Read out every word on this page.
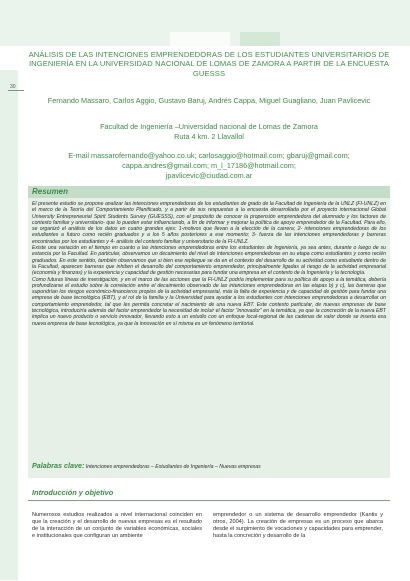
30
ANÁLISIS DE LAS INTENCIONES EMPRENDEDORAS DE LOS ESTUDIANTES UNIVERSITARIOS DE INGENIERÍA EN LA UNIVERSIDAD NACIONAL DE LOMAS DE ZAMORA A PARTIR DE LA ENCUESTA GUESSS
Fernando Massaro, Carlos Aggio, Gustavo Baruj, Andrés Cappa, Miguel Guagliano, Juan Pavlicevic
Facultad de Ingeniería –Universidad nacional de Lomas de Zamora
Ruta 4 km. 2 Llavallol
E-mail massarofernando@yahoo.co.uk; carlosaggio@hotmail.com; gbaruj@gmail.com;
cappa.andres@gmail.com; m_l_17186@hotmail.com;
jpavlicevic@ciudad.com.ar
Resumen

El presente estudio se propone analizar las intenciones emprendedoras de los estudiantes de grado de la Facultad de Ingeniería de la UNLZ (FI-UNLZ) en el marco de la Teoría del Comportamiento Planificado, y a partir de sus respuestas a la encuesta desarrollada por el proyecto internacional Global University Entrepreneurial Spirit Students Survey (GUESSS), con el propósito de conocer la propensión emprendedora del alumnado y los factores de contexto familiar y universitario- que lo pueden estar influenciando, a fin de informar y mejorar la política de apoyo emprendedor de la Facultad. Para ello, se organizó el análisis de los datos en cuatro grandes ejes: 1-motivos que llevan a la elección de la carrera; 2- intenciones emprendedoras de los estudiantes a futuro como recién graduados y a los 5 años posteriores a ese momento; 3- fuerza de las intenciones emprendedoras y barreras encontradas por los estudiantes y 4- análisis del contexto familiar y universitario de la FI-UNLZ.

Existe una variación en el tiempo en cuanto a las intenciones emprendedoras entre los estudiantes de Ingeniería, ya sea antes, durante o luego de su estancia por la Facultad. En particular, observamos un decaimiento del nivel de intenciones emprendedoras en su etapa como estudiantes y como recién graduados. En este sentido, también observamos que si bien ese repliegue se da en el contexto del desarrollo de su actividad como estudiante dentro de la Facultad, aparecen barreras que inhiben el desarrollo del comportamiento emprendedor, principalmente ligadas al riesgo de la actividad empresarial (economía y finanzas) y la experiencia y capacidad de gestión necesarias para fundar una empresa en el contexto de la Ingeniería y la tecnología.

Como futuras líneas de investigación, y en el marco de las acciones que la FI-UNLZ podría implementar para su política de apoyo a la temática, debería profundizarse el estudio sobre la correlación entre el decaimiento observado de las intenciones emprendedoras en las etapas b) y c), las barreras que supondrían los riesgos económico-financieros propios de la actividad empresarial, más la falta de experiencia y de capacidad de gestión para fundar una empresa de base tecnológica (EBT), y el rol de la familia y la Universidad para ayudar a los estudiantes con intenciones emprendedoras a desarrollar un comportamiento emprendedor, tal que les permita concretar el nacimiento de una nueva EBT. Este contexto particular, de nuevas empresas de base tecnológica, introduciría además del factor emprendedor la necesidad de incluir el factor “innovador” en la temática, ya que la concreción de la nueva EBT implica un nuevo producto o servicio innovador, llevando esto a un estudio con un enfoque local-regional de las cadenas de valor donde se inserta esa nueva empresa de base tecnológica, ya que la innovación en sí misma es un fenómeno territorial.

Palabras clave: Intenciones emprendedoras – Estudiantes de Ingeniería – Nuevas empresas
Introducción y objetivo

Numerosos estudios realizados a nivel internacional coinciden en que la creación y el desarrollo de nuevas empresas es el resultado de la interacción de un conjunto de variables económicas, sociales e institucionales que configuran un ambiente

emprendedor o un sistema de desarrollo emprendedor (Kantis y otros, 2004). La creación de empresas es un proceso que abarca desde el surgimiento de vocaciones y capacidades para emprender, hasta la concreción y desarrollo de la
